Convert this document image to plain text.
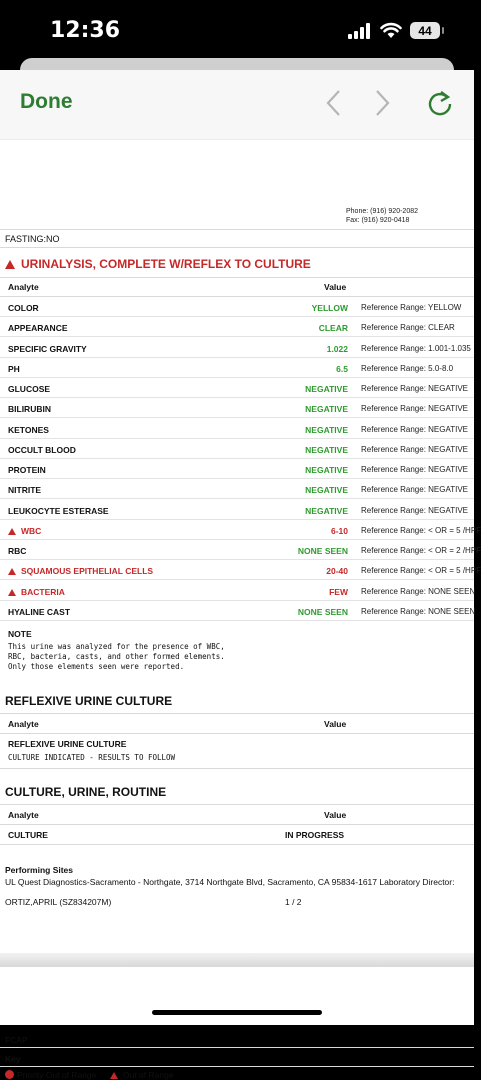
12:36	44
Done
Phone: (916) 920-2082
Fax: (916) 920-0418
FASTING:NO
URINALYSIS, COMPLETE W/REFLEX TO CULTURE
Analyte	Value
COLOR	YELLOW Reference Range: YELLOW
APPEARANCE	CLEAR Reference Range: CLEAR
SPECIFIC GRAVITY	1.022 Reference Range: 1.001-1.035
PH	6.5 Reference Range: 5.0-8.0
GLUCOSE	NEGATIVE Reference Range: NEGATIVE
BILIRUBIN	NEGATIVE Reference Range: NEGATIVE
KETONES	NEGATIVE Reference Range: NEGATIVE
OCCULT BLOOD	NEGATIVE Reference Range: NEGATIVE
PROTEIN	NEGATIVE Reference Range: NEGATIVE
NITRITE	NEGATIVE Reference Range: NEGATIVE
LEUKOCYTE ESTERASE	NEGATIVE Reference Range: NEGATIVE
WBC	6-10 Reference Range: < OR = 5 /HPF
RBC	NONE SEEN Reference Range: < OR = 2 /HPF
SQUAMOUS EPITHELIAL CELLS	20-40 Reference Range: < OR = 5 /HPF
BACTERIA	FEW Reference Range: NONE SEEN
HYALINE CAST	NONE SEEN Reference Range: NONE SEEN
NOTE
This urine was analyzed for the presence of WBC,
RBC, bacteria, casts, and other formed elements.
Only those elements seen were reported.
REFLEXIVE URINE CULTURE
Analyte	Value
REFLEXIVE URINE CULTURE
CULTURE INDICATED - RESULTS TO FOLLOW
CULTURE, URINE, ROUTINE
Analyte	Value
CULTURE	IN PROGRESS
Performing Sites
UL Quest Diagnostics-Sacramento - Northgate, 3714 Northgate Blvd, Sacramento, CA 95834-1617 Laboratory Director:
ORTIZ,APRIL (SZ834207M)	1 / 2
FCAP
Key
Priority Out of Range	Out of Range
